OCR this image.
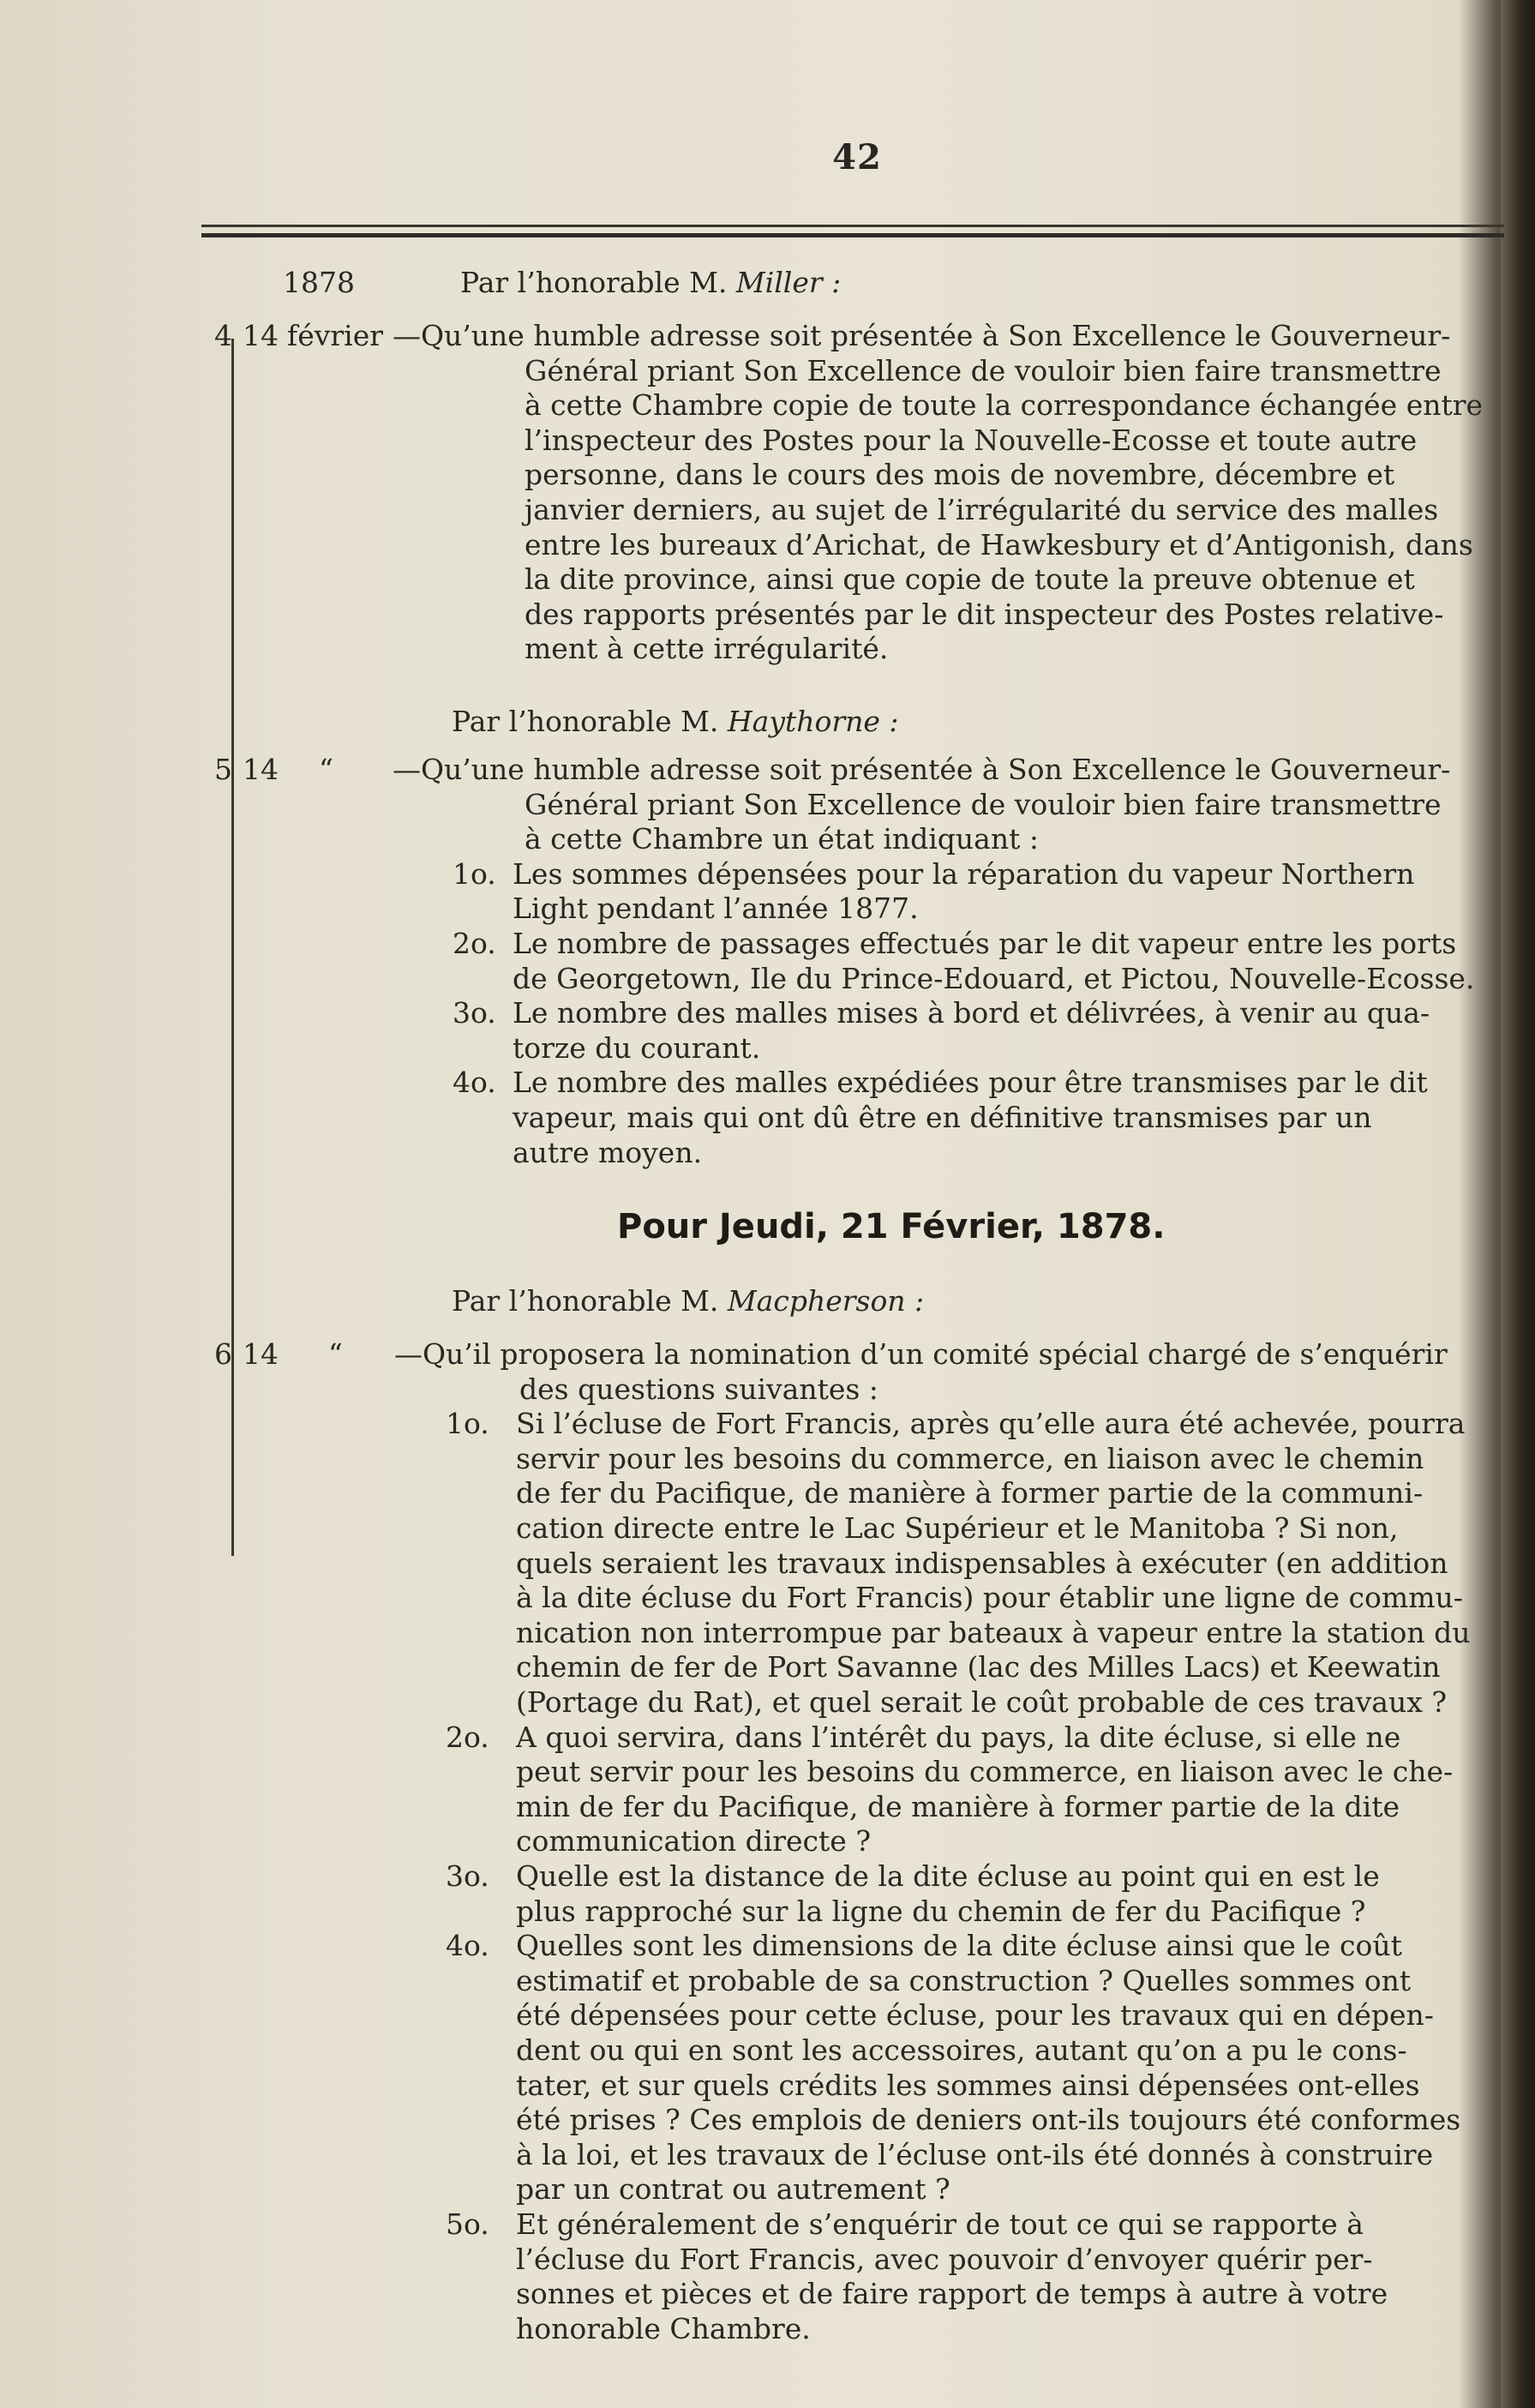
42
1878	Par l’honorable M. Miller :
4 14 février
Par l’honorable M. Haythorne :
5 14 “
Pour Jeudi, 21 Février, 1878.
Par l’honorable M. Macpherson :
6 14 “
—Qu’une humble adresse soit présentée à Son Excellence le Gouverneur-
Général priant Son Excellence de vouloir bien faire transmettre
à cette Chambre copie de toute la correspondance échangée entre
l’inspecteur des Postes pour la Nouvelle-Ecosse et toute autre
personne, dans le cours des mois de novembre, décembre et
janvier derniers, au sujet de l’irrégularité du service des malles
entre les bureaux d’Arichat, de Hawkesbury et d’Antigonish, dans
la dite province, ainsi que copie de toute la preuve obtenue et
des rapports présentés par le dit inspecteur des Postes relative-
ment à cette irrégularité.
—Qu’une humble adresse soit présentée à Son Excellence le Gouverneur-
Général priant Son Excellence de vouloir bien faire transmettre
à cette Chambre un état indiquant :
1o. Les sommes dépensées pour la réparation du vapeur Northern
Light pendant l’année 1877.
2o. Le nombre de passages effectués par le dit vapeur entre les ports
de Georgetown, Ile du Prince-Edouard, et Pictou, Nouvelle-Ecosse.
3o. Le nombre des malles mises à bord et délivrées, à venir au qua-
torze du courant.
4o. Le nombre des malles expédiées pour être transmises par le dit
vapeur, mais qui ont dû être en définitive transmises par un
autre moyen.
—Qu’il proposera la nomination d’un comité spécial chargé de s’enquérir
des questions suivantes :
1o. Si l’écluse de Fort Francis, après qu’elle aura été achevée, pourra
servir pour les besoins du commerce, en liaison avec le chemin
de fer du Pacifique, de manière à former partie de la communi-
cation directe entre le Lac Supérieur et le Manitoba ? Si non,
quels seraient les travaux indispensables à exécuter (en addition
à la dite écluse du Fort Francis) pour établir une ligne de commu-
nication non interrompue par bateaux à vapeur entre la station du
chemin de fer de Port Savanne (lac des Milles Lacs) et Keewatin
(Portage du Rat), et quel serait le coût probable de ces travaux ?
2o. A quoi servira, dans l’intérêt du pays, la dite écluse, si elle ne
peut servir pour les besoins du commerce, en liaison avec le che-
min de fer du Pacifique, de manière à former partie de la dite
communication directe ?
3o. Quelle est la distance de la dite écluse au point qui en est le
plus rapproché sur la ligne du chemin de fer du Pacifique ?
4o. Quelles sont les dimensions de la dite écluse ainsi que le coût
estimatif et probable de sa construction ? Quelles sommes ont
été dépensées pour cette écluse, pour les travaux qui en dépen-
dent ou qui en sont les accessoires, autant qu’on a pu le cons-
tater, et sur quels crédits les sommes ainsi dépensées ont-elles
été prises ? Ces emplois de deniers ont-ils toujours été conformes
à la loi, et les travaux de l’écluse ont-ils été donnés à construire
par un contrat ou autrement ?
5o. Et généralement de s’enquérir de tout ce qui se rapporte à
l’écluse du Fort Francis, avec pouvoir d’envoyer quérir per-
sonnes et pièces et de faire rapport de temps à autre à votre
honorable Chambre.
